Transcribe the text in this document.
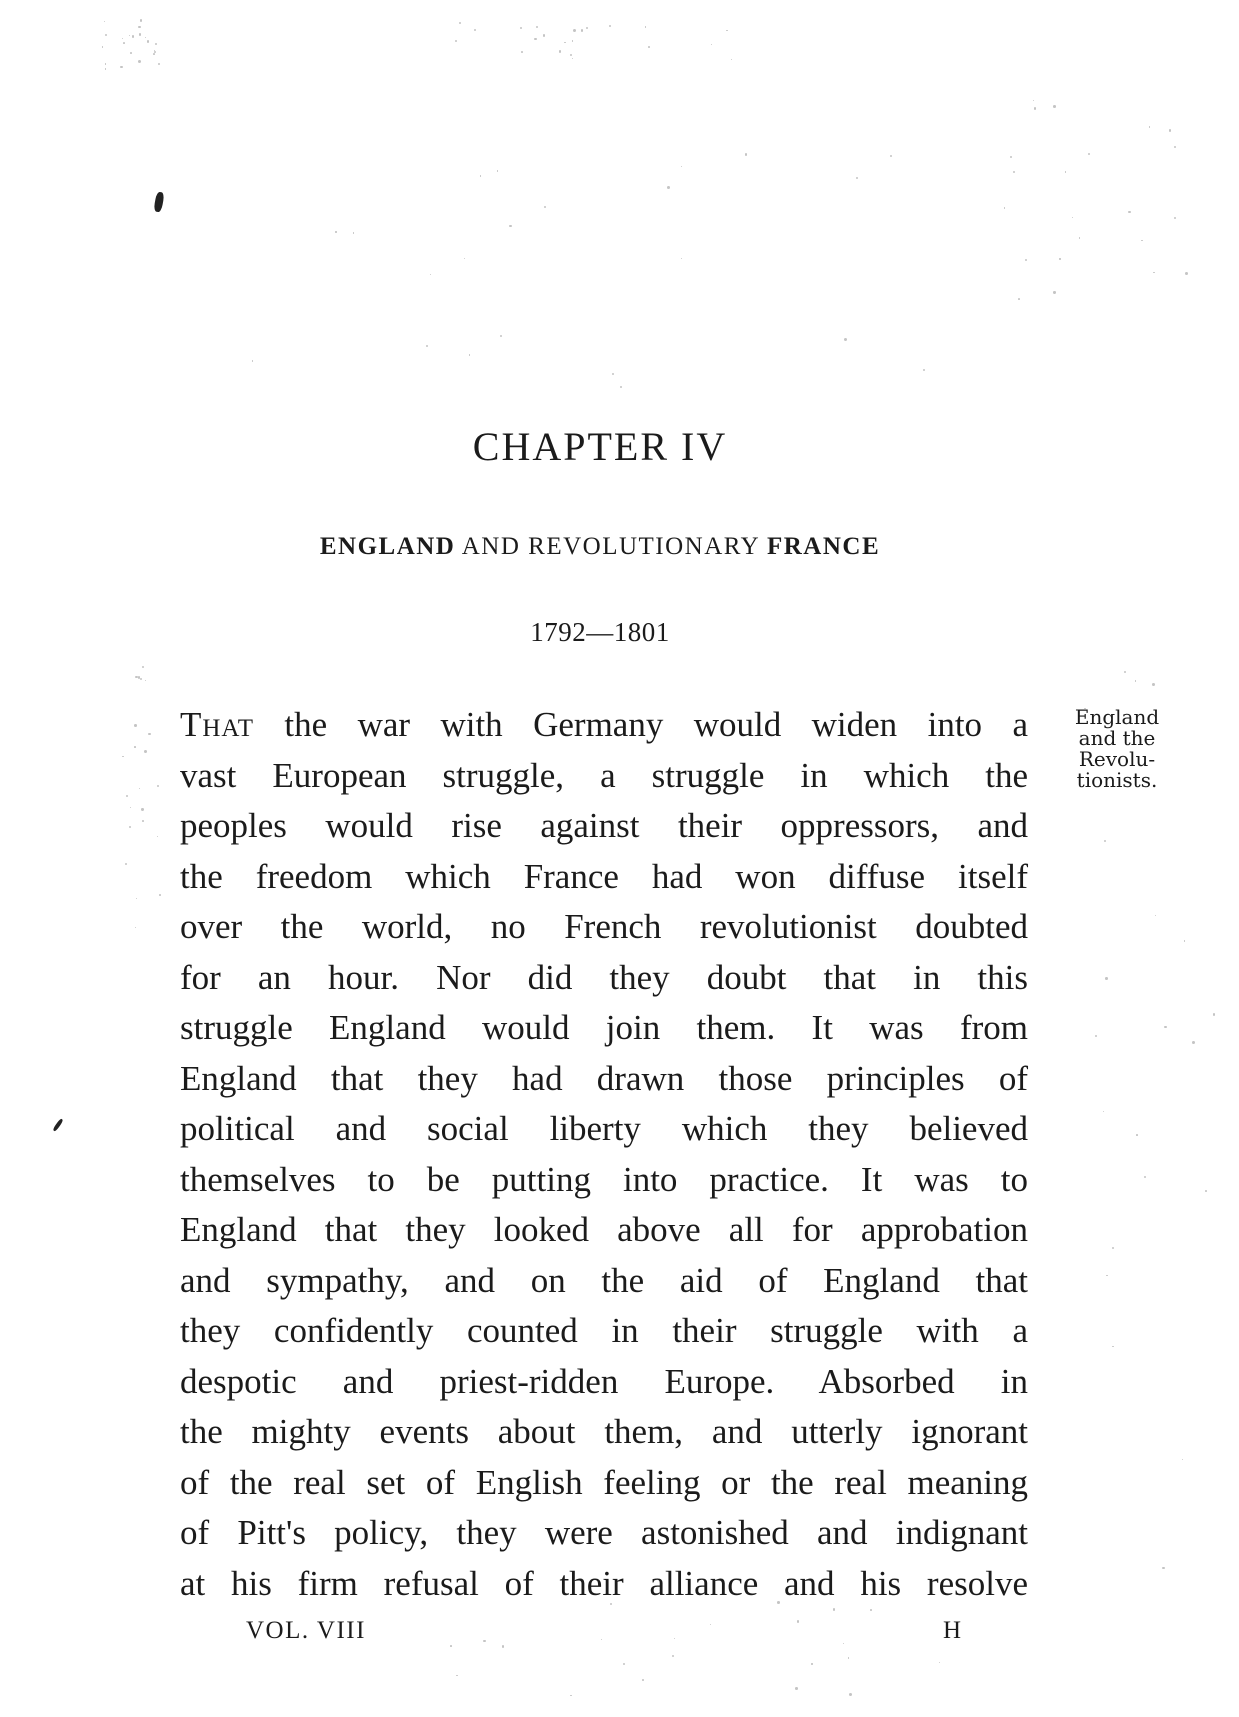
CHAPTER IV
ENGLAND AND REVOLUTIONARY FRANCE
1792—1801
That the war with Germany would widen into a
vast European struggle, a struggle in which the
peoples would rise against their oppressors, and
the freedom which France had won diffuse itself
over the world, no French revolutionist doubted
for an hour. Nor did they doubt that in this
struggle England would join them. It was from
England that they had drawn those principles of
political and social liberty which they believed
themselves to be putting into practice. It was to
England that they looked above all for approbation
and sympathy, and on the aid of England that
they confidently counted in their struggle with a
despotic and priest-ridden Europe. Absorbed in
the mighty events about them, and utterly ignorant
of the real set of English feeling or the real meaning
of Pitt's policy, they were astonished and indignant
at his firm refusal of their alliance and his resolve
England
and the
Revolu-
tionists.
VOL. VIII	H
